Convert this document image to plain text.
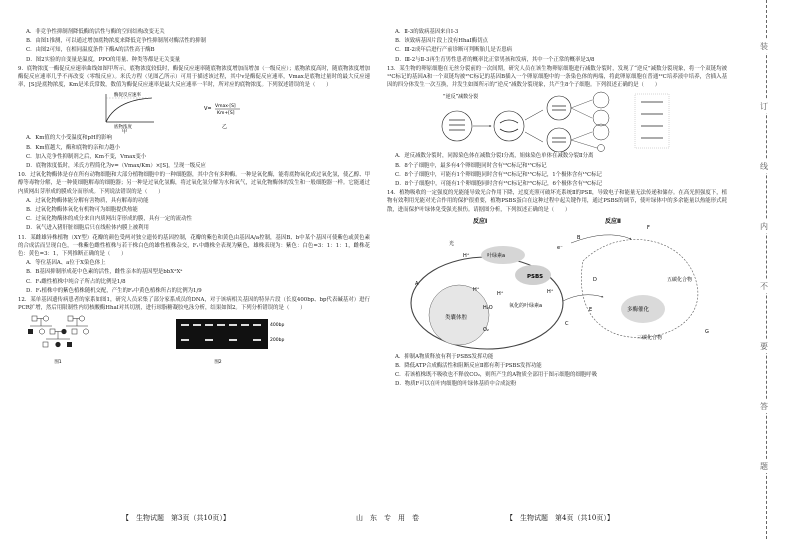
A．非竞争性抑制剂降低酶的活性与酶的空间结构改变无关

B．由图1推测，可以通过增加底物浓度来降低竞争性抑制剂对酶活性的抑制

C．由图2可知，在相同温度条件下酶A的活性高于酶B

D．图2实验的自变量是温度，PPO的用量、种类等都是无关变量

9．底物浓度一酶促反应速率曲线如图甲所示，底物浓度较低时，酶促反应速率随底物浓度增加而增加（一级反应）；底物浓度高时，随底物浓度增加酶促反应速率几乎不再改变（零级反应）。米氏方程（见图乙所示）可用于描述该过程，其中v是酶促反应速率，Vmax是底物过量时的最大反应速率，[S]是底物浓度，Km是米氏常数，数值为酶促反应速率是最大反应速率一半时，所对应的底物浓度。下列叙述错误的是（　　）

酶促反应速率
底物浓度
甲
V= Vmax·[S]
Km+[S]
乙

A．Km值的大小受温度和pH的影响

B．Km值越大，酶和底物的亲和力越小

C．加入竞争性抑制剂之后，Km不变，Vmax变小

D．底物浓度低时，米氏方程简化为v=（Vmax/Km）×[S]，呈现一级反应

10．过氧化物酶体是存在所有动物细胞和大部分植物细胞中的一种细胞器，其中含有多种酶。一种是氧化酶，能将底物氧化成过氧化氢，使乙醇、甲醇等毒物分解，是一种使细胞解毒的细胞器；另一种是过氧化氢酶，将过氧化氢分解为水和氧气，过氧化物酶体的发生和一般细胞器一样。它能通过内质网出芽形成的膜成分而形成。下列说法错误的是（　　）

A．过氧化物酶体能分解有害物质，具有解毒的功能

B．过氧化物酶体氧化有机物可为细胞提供热能

C．过氧化物酶体的成分来自内质网出芽形成的膜，具有一定的流动性

D．氧气进入猪肝脏细胞后只在线粒体内膜上被利用

11．某雌雄异株植物（XY型）花瓣的颜色受两对独立遗传的基因控制，花瓣的紫色和黄色由基因A/a控制，基因B、b中某个基因可使紫色或黄色素的合成活而呈现白色，一株紫色雌性植株与若干株白色的雄性植株杂交，F₁中雌株全表现为紫色，雄株表现为：紫色：白色=3：1：1：1，雌株花色：黄色=3：1，下列推断正确的是（　　）

A．等位基因A、a位于X染色体上

B．B基因抑制形成花中色素的活性，雌性亲本的基因型是bbXᴬXᵃ

C．F₁雌性植株中纯合子所占的比例是1/8

D．F₁植株中的紫色植株随机交配，产生的F₂中黄色植株所占的比例为1/9

12．某单基因遗传病患者的家系如图1，研究人员采集了部分家系成员的DNA，对于该病相关基因的特异片段（长度400bp、bp代表碱基对）进行PCR扩增，然后用限制性内切核酸酶HhaⅠ对其切割，进行琼脂糖凝胶电泳分析，结果如图2。下列分析错误的是（　　）

图1
400bp
200bp
图2

A．Ⅱ-3的致病基因来自Ⅰ-3

B．该致病基因片段上没有HhaⅠ酶切点

C．Ⅲ-2成年后进行产前诊断可判断胎儿是否患病

D．Ⅲ-2与Ⅱ-3再生育男性患者的概率比正常男孩和发病，其中一个正常的概率是3/8

13．某生物的卵原细胞在无丝分裂前的一次间期，研究人员在该生物卵原细胞进行减数分裂时，发现了“逆反”减数分裂现象，将一个双链均被¹³C标记的基因A和一个双链均被¹⁵C标记的基因B插入一个卵原细胞中的一条染色体的两端，将此卵原细胞在普通¹²C培养液中培养，含插入基因的四分体发生一次互换，并发生如图所示的“逆反”减数分裂现象，共产生8个子细胞。下列叙述正确的是（　　）

“逆反”减数分裂

A．逆反减数分裂时，同源染色体在减数分裂Ⅰ分离，姐妹染色单体在减数分裂Ⅱ分离

B．8个子细胞中，最多有4个卵细胞同时含有¹³C标记和¹⁵C标记

C．8个子细胞中，可能有1个卵细胞同时含有¹³C标记和¹⁵C标记，1个极体含有¹⁵C标记

D．8个子细胞中，可能有1个卵细胞同时含有¹³C标记和¹⁵C标记，6个极体含有¹³C标记

14．植物吸收的一定强度的光能能导致光合作用下降，过度光照可破坏光系统Ⅱ的PSⅡ，导致电子和能量无法传递和储存。在高光照强度下，植物有效利用光能对光合作用的保护很重要，植物PSBS蛋白在这种过程中起关键作用，通过PSBS的调节，使叶绿体中的多余能量以热能形式耗散，进而保护叶绿体免受强光损伤。请据图分析，下列叙述正确的是（　　）

反应Ⅰ	反应Ⅱ
叶绿素a
光
PSBS
类囊体腔
H₂O
O₂
氧化的叶绿素a
A
H⁺
H⁺
H⁺	H⁺
e⁻
B
C
D
E
F
G
多酶催化
五碳化合物
三碳化合物

A．抑制A物质释放有利于PSBS发挥功能

B．降低ATP合成酶活性和阻断反应Ⅱ都有利于PSBS发挥功能

C．若该植株既不吸收也不释放CO₂，则所产生的A物质全部用于图示细胞的细胞呼吸

D．物质F可以在叶肉细胞的叶绿体基质中合成淀粉

装
订
线
内
不
要
答
题
【　生物试题　第3页（共10页）】	山　东　专　用　卷	【　生物试题　第4页（共10页）】
